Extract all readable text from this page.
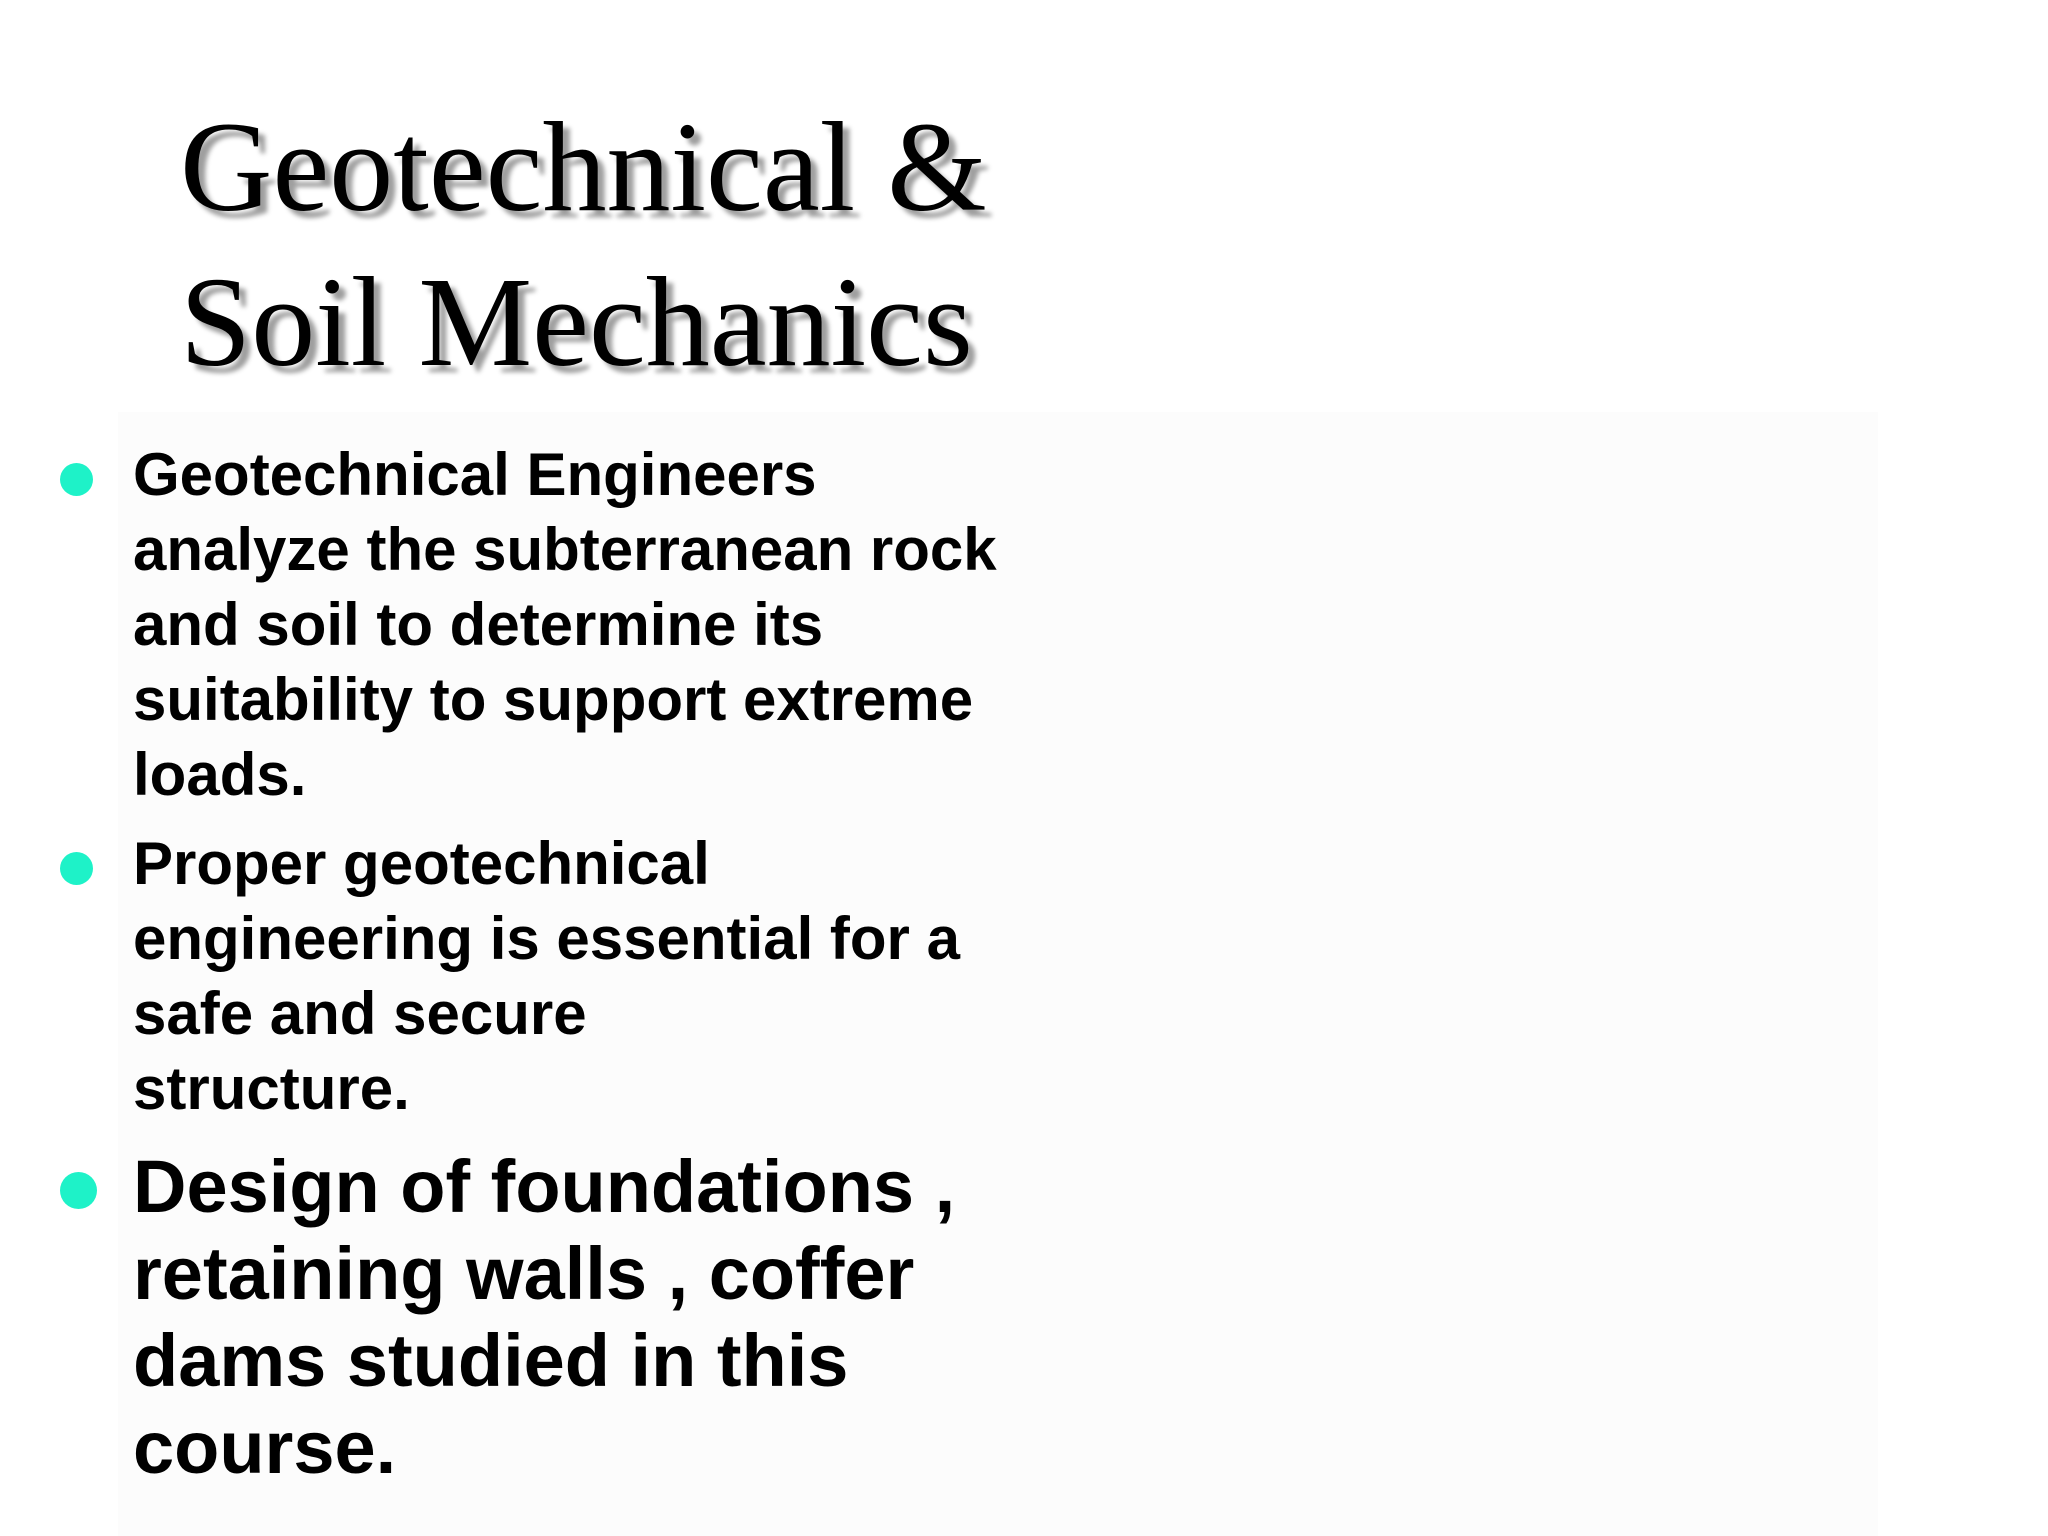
Geotechnical &
Soil Mechanics
Geotechnical Engineers
analyze the subterranean rock
and soil to determine its
suitability to support extreme
loads.
Proper geotechnical
engineering is essential for a
safe and secure
structure.
Design of foundations ,
retaining walls , coffer
dams studied in this
course.
